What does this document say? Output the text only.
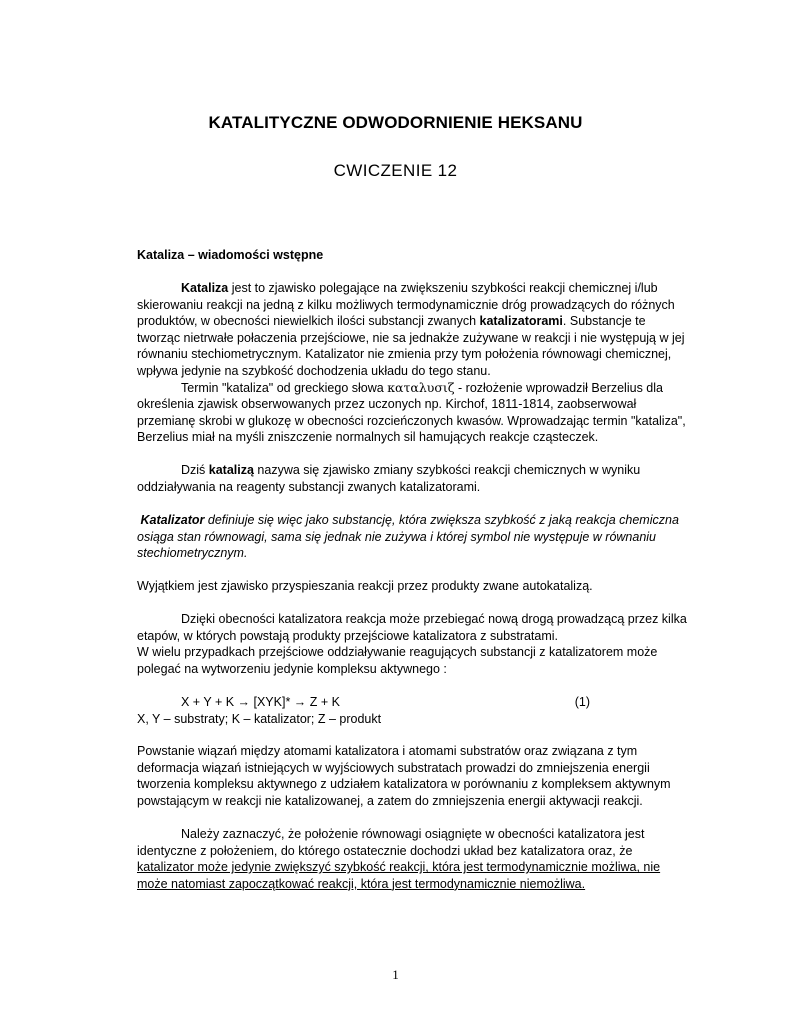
KATALITYCZNE ODWODORNIENIE HEKSANU
CWICZENIE 12
Kataliza – wiadomości wstępne
Kataliza jest to zjawisko polegające na zwiększeniu szybkości reakcji chemicznej i/lub skierowaniu reakcji na jedną z kilku możliwych termodynamicznie dróg prowadzących do różnych produktów, w obecności niewielkich ilości substancji zwanych katalizatorami. Substancje te tworząc nietrwałe połaczenia przejściowe, nie sa jednakże zużywane w reakcji i nie występują w jej równaniu stechiometrycznym. Katalizator nie zmienia przy tym położenia równowagi chemicznej, wpływa jedynie na szybkość dochodzenia układu do tego stanu.
Termin "kataliza" od greckiego słowa καταλυσιζ - rozłożenie wprowadził Berzelius dla określenia zjawisk obserwowanych przez uczonych np. Kirchof, 1811-1814, zaobserwował przemianę skrobi w glukozę w obecności rozcieńczonych kwasów. Wprowadzając termin "kataliza", Berzelius miał na myśli zniszczenie normalnych sil hamujących reakcje cząsteczek.
Dziś katalizą nazywa się zjawisko zmiany szybkości reakcji chemicznych w wyniku oddziaływania na reagenty substancji zwanych katalizatorami.
Katalizator definiuje się więc jako substancję, która zwiększa szybkość z jaką reakcja chemiczna osiąga stan równowagi, sama się jednak nie zużywa i której symbol nie występuje w równaniu stechiometrycznym.
Wyjątkiem jest zjawisko przyspieszania reakcji przez produkty zwane autokatalizą.
Dzięki obecności katalizatora reakcja może przebiegać nową drogą prowadzącą przez kilka etapów, w których powstają produkty przejściowe katalizatora z substratami.
W wielu przypadkach przejściowe oddziaływanie reagujących substancji z katalizatorem może polegać na wytworzeniu jedynie kompleksu aktywnego :
X + Y + K → [XYK]* → Z + K	(1)
X, Y – substraty; K – katalizator; Z – produkt
Powstanie wiązań między atomami katalizatora i atomami substratów oraz związana z tym deformacja wiązań istniejących w wyjściowych substratach prowadzi do zmniejszenia energii tworzenia kompleksu aktywnego z udziałem katalizatora w porównaniu z kompleksem aktywnym powstającym w reakcji nie katalizowanej, a zatem do zmniejszenia energii aktywacji reakcji.
Należy zaznaczyć, że położenie równowagi osiągnięte w obecności katalizatora jest identyczne z położeniem, do którego ostatecznie dochodzi układ bez katalizatora oraz, że katalizator może jedynie zwiększyć szybkość reakcji, która jest termodynamicznie możliwa, nie może natomiast zapoczątkować reakcji, która jest termodynamicznie niemożliwa.
1
